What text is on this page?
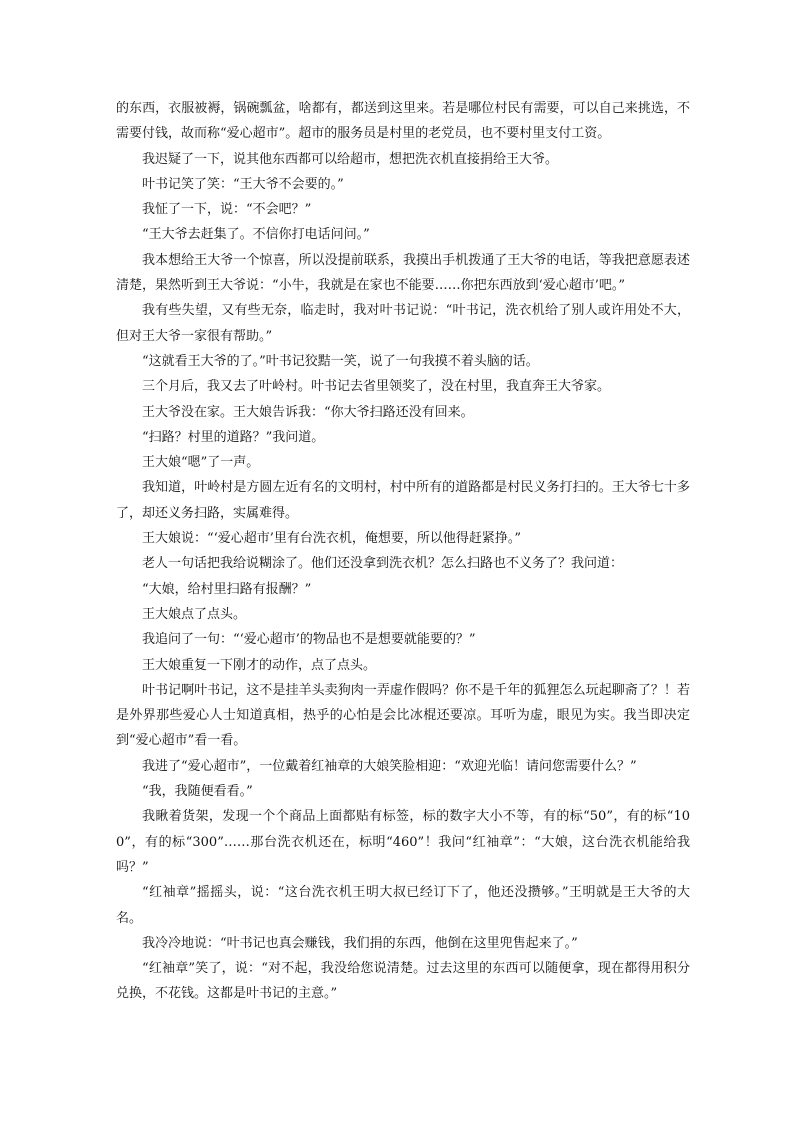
的东西，衣服被褥，锅碗瓢盆，啥都有，都送到这里来。若是哪位村民有需要，可以自己来挑选，不需要付钱，故而称“爱心超市”。超市的服务员是村里的老党员，也不要村里支付工资。

我迟疑了一下，说其他东西都可以给超市，想把洗衣机直接捐给王大爷。

叶书记笑了笑：“王大爷不会要的。”

我怔了一下，说：“不会吧？”

“王大爷去赶集了。不信你打电话问问。”

我本想给王大爷一个惊喜，所以没提前联系，我摸出手机拨通了王大爷的电话，等我把意愿表述清楚，果然听到王大爷说：“小牛，我就是在家也不能要……你把东西放到‘爱心超市’吧。”

我有些失望，又有些无奈，临走时，我对叶书记说：“叶书记，洗衣机给了别人或许用处不大，但对王大爷一家很有帮助。”

“这就看王大爷的了。”叶书记狡黠一笑，说了一句我摸不着头脑的话。

三个月后，我又去了叶岭村。叶书记去省里领奖了，没在村里，我直奔王大爷家。

王大爷没在家。王大娘告诉我：“你大爷扫路还没有回来。

“扫路？村里的道路？”我问道。

王大娘“嗯”了一声。

我知道，叶岭村是方圆左近有名的文明村，村中所有的道路都是村民义务打扫的。王大爷七十多了，却还义务扫路，实属难得。

王大娘说：“‘爱心超市’里有台洗衣机，俺想要，所以他得赶紧挣。”

老人一句话把我给说糊涂了。他们还没拿到洗衣机？怎么扫路也不义务了？我问道：

“大娘，给村里扫路有报酬？”

王大娘点了点头。

我追问了一句：“‘爱心超市’的物品也不是想要就能要的？”

王大娘重复一下刚才的动作，点了点头。

叶书记啊叶书记，这不是挂羊头卖狗肉一弄虚作假吗？你不是千年的狐狸怎么玩起聊斋了？！若是外界那些爱心人士知道真相，热乎的心怕是会比冰棍还要凉。耳听为虚，眼见为实。我当即决定到“爱心超市”看一看。

我进了“爱心超市”，一位戴着红袖章的大娘笑脸相迎：“欢迎光临！请问您需要什么？”

“我，我随便看看。”

我瞅着货架，发现一个个商品上面都贴有标签，标的数字大小不等，有的标“50”，有的标“100”，有的标“300”……那台洗衣机还在，标明“460”！我问“红袖章”：“大娘，这台洗衣机能给我吗？”

“红袖章”摇摇头，说：“这台洗衣机王明大叔已经订下了，他还没攒够。”王明就是王大爷的大名。

我冷冷地说：“叶书记也真会赚钱，我们捐的东西，他倒在这里兜售起来了。”

“红袖章”笑了，说：“对不起，我没给您说清楚。过去这里的东西可以随便拿，现在都得用积分兑换，不花钱。这都是叶书记的主意。”
